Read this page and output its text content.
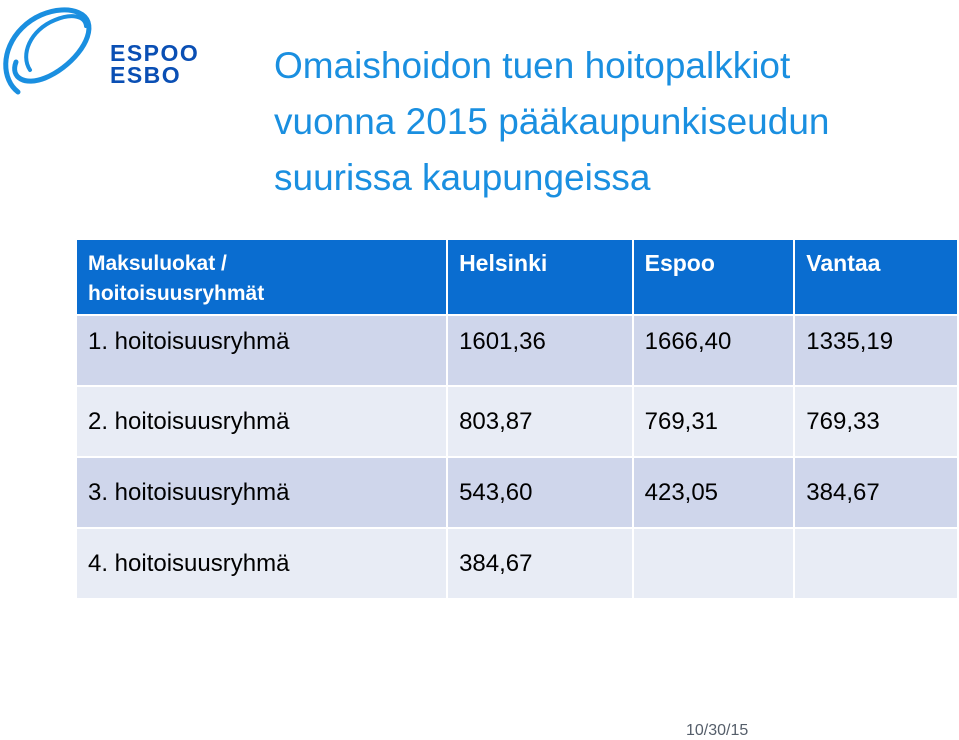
ESPOO
ESBO	Omaishoidon tuen hoitopalkkiot
vuonna 2015 pääkaupunkiseudun
suurissa kaupungeissa
Maksuluokat /
hoitoisuusryhmät	Helsinki	Espoo	Vantaa
1. hoitoisuusryhmä	1601,36	1666,40	1335,19
2. hoitoisuusryhmä	803,87	769,31	769,33
3. hoitoisuusryhmä	543,60	423,05	384,67
4. hoitoisuusryhmä	384,67		
10/30/15
